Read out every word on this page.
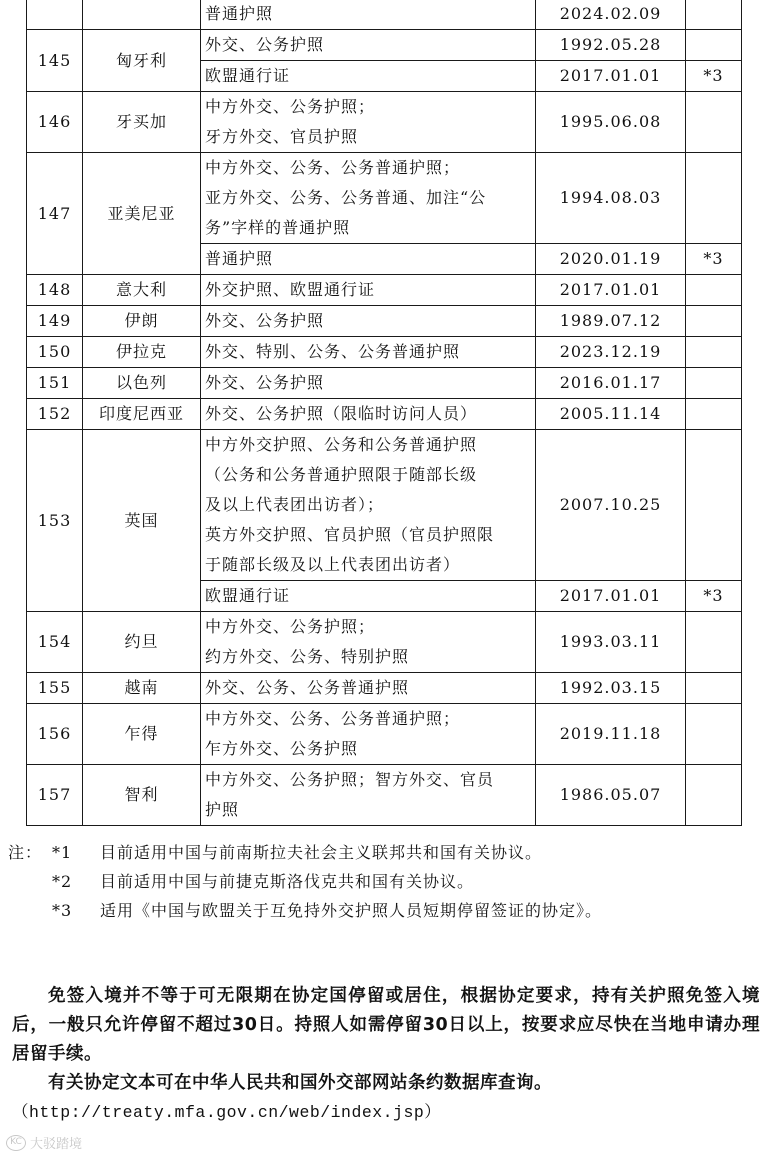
		普通护照	2024.02.09	
145	匈牙利	外交、公务护照	1992.05.28	

		欧盟通行证	2017.01.01	*3
146	牙买加	中方外交、公务护照；
牙方外交、官员护照	1995.06.08	
147	亚美尼亚	中方外交、公务、公务普通护照；
亚方外交、公务、公务普通、加注“公
务”字样的普通护照	1994.08.03	

		普通护照	2020.01.19	*3
148	意大利	外交护照、欧盟通行证	2017.01.01	
149	伊朗	外交、公务护照	1989.07.12	
150	伊拉克	外交、特别、公务、公务普通护照	2023.12.19	
151	以色列	外交、公务护照	2016.01.17	
152	印度尼西亚	外交、公务护照（限临时访问人员）	2005.11.14	
153	英国	中方外交护照、公务和公务普通护照
（公务和公务普通护照限于随部长级
及以上代表团出访者）；
英方外交护照、官员护照（官员护照限
于随部长级及以上代表团出访者）	2007.10.25	

		欧盟通行证	2017.01.01	*3
154	约旦	中方外交、公务护照；
约方外交、公务、特别护照	1993.03.11	
155	越南	外交、公务、公务普通护照	1992.03.15	
156	乍得	中方外交、公务、公务普通护照；
乍方外交、公务护照	2019.11.18	
157	智利	中方外交、公务护照；智方外交、官员
护照	1986.05.07	
注： *1	目前适用中国与前南斯拉夫社会主义联邦共和国有关协议。
*2	目前适用中国与前捷克斯洛伐克共和国有关协议。
*3	适用《中国与欧盟关于互免持外交护照人员短期停留签证的协定》。

免签入境并不等于可无限期在协定国停留或居住，根据协定要求，持有关护照免签入境后，一般只允许停留不超过30日。持照人如需停留30日以上，按要求应尽快在当地申请办理居留手续。

有关协定文本可在中华人民共和国外交部网站条约数据库查询。

（http://treaty.mfa.gov.cn/web/index.jsp）
KC 大驳踏境
